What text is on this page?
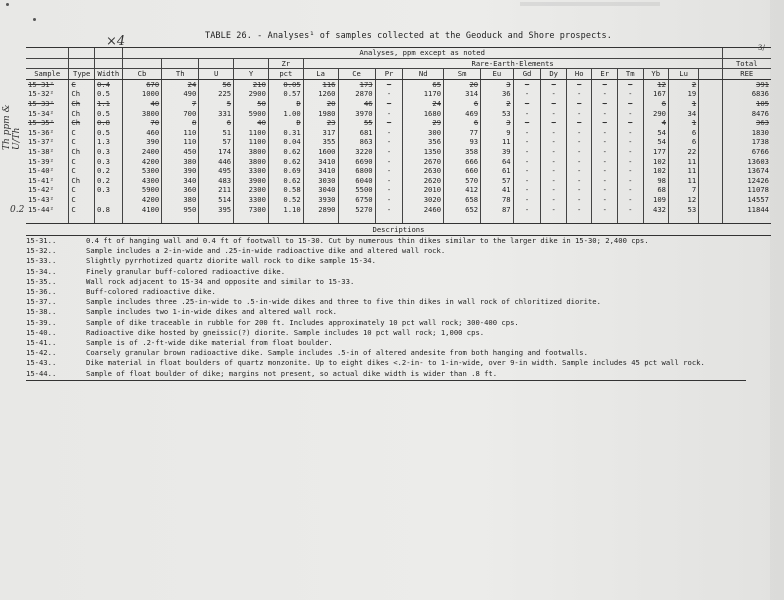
×4	3/
Th ppm & U/Th
0.2
TABLE 26. - Analyses¹ of samples collected at the Geoduck and Shore prospects.
			Analyses, ppm except as noted																			
							Zr	Rare-Earth-Elements														Total
Sample	Type	Width	Cb	Th	U	Y	pct	La	Ce	Pr	Nd	Sm	Eu	Gd	Dy	Ho	Er	Tm	Yb	Lu		REE
15-31²	C	0.4	670	24	56	210	0.05	116	173	-	65	20	3	-	-	-	-	-	12	2		391
15-32²	Ch	0.5	1000	490	225	2900	0.57	1260	2870	-	1170	314	36	-	-	-	-	-	167	19		6836
15-33²	Ch	1.1	40	7	5	50	D	20	46	-	24	6	2	-	-	-	-	-	6	1		105
15-34²	Ch	0.5	3800	700	331	5900	1.00	1980	3970	-	1680	469	53	-	-	-	-	-	290	34		8476
15-35²	Ch	0.8	70	8	6	40	D	23	55	-	29	6	3	-	-	-	-	-	4	1		363
15-36²	C	0.5	460	110	51	1100	0.31	317	681	-	300	77	9	-	-	-	-	-	54	6		1830
15-37²	C	1.3	390	110	57	1100	0.04	355	863	-	356	93	11	-	-	-	-	-	54	6		1738
15-38²	Ch	0.3	2400	450	174	3800	0.62	1600	3220	-	1350	358	39	-	-	-	-	-	177	22		6766
15-39²	C	0.3	4200	380	446	3800	0.62	3410	6690	-	2670	666	64	-	-	-	-	-	102	11		13603
15-40²	C	0.2	5300	390	495	3300	0.69	3410	6800	-	2630	660	61	-	-	-	-	-	102	11		13674
15-41²	Ch	0.2	4300	340	483	3900	0.62	3030	6040	-	2620	570	57	-	-	-	-	-	98	11		12426
15-42²	C	0.3	5900	360	211	2300	0.58	3040	5500	-	2010	412	41	-	-	-	-	-	68	7		11078
15-43²	C		4200	380	514	3300	0.52	3930	6750	-	3020	658	78	-	-	-	-	-	109	12		14557
15-44²	C	0.8	4100	950	395	7300	1.10	2890	5270	-	2460	652	87	-	-	-	-	-	432	53		11844

Descriptions
15-31..	0.4 ft of hanging wall and 0.4 ft of footwall to 15-30. Cut by numerous thin dikes similar to the larger dike in 15-30; 2,400 cps.
15-32..	Sample includes a 2-in-wide and .25-in-wide radioactive dike and altered wall rock.
15-33..	Slightly pyrrhotized quartz diorite wall rock to dike sample 15-34.
15-34..	Finely granular buff-colored radioactive dike.
15-35..	Wall rock adjacent to 15-34 and opposite and similar to 15-33.
15-36..	Buff-colored radioactive dike.
15-37..	Sample includes three .25-in-wide to .5-in-wide dikes and three to five thin dikes in wall rock of chloritized diorite.
15-38..	Sample includes two 1-in-wide dikes and altered wall rock.
15-39..	Sample of dike traceable in rubble for 200 ft. Includes approximately 10 pct wall rock; 300-400 cps.
15-40..	Radioactive dike hosted by gneissic(?) diorite. Sample includes 10 pct wall rock; 1,000 cps.
15-41..	Sample is of .2-ft-wide dike material from float boulder.
15-42..	Coarsely granular brown radioactive dike. Sample includes .5-in of altered andesite from both hanging and footwalls.
15-43..	Dike material in float boulders of quartz monzonite. Up to eight dikes <.2-in- to 1-in-wide, over 9-in width. Sample includes 45 pct wall rock.
15-44..	Sample of float boulder of dike; margins not present, so actual dike width is wider than .8 ft.
